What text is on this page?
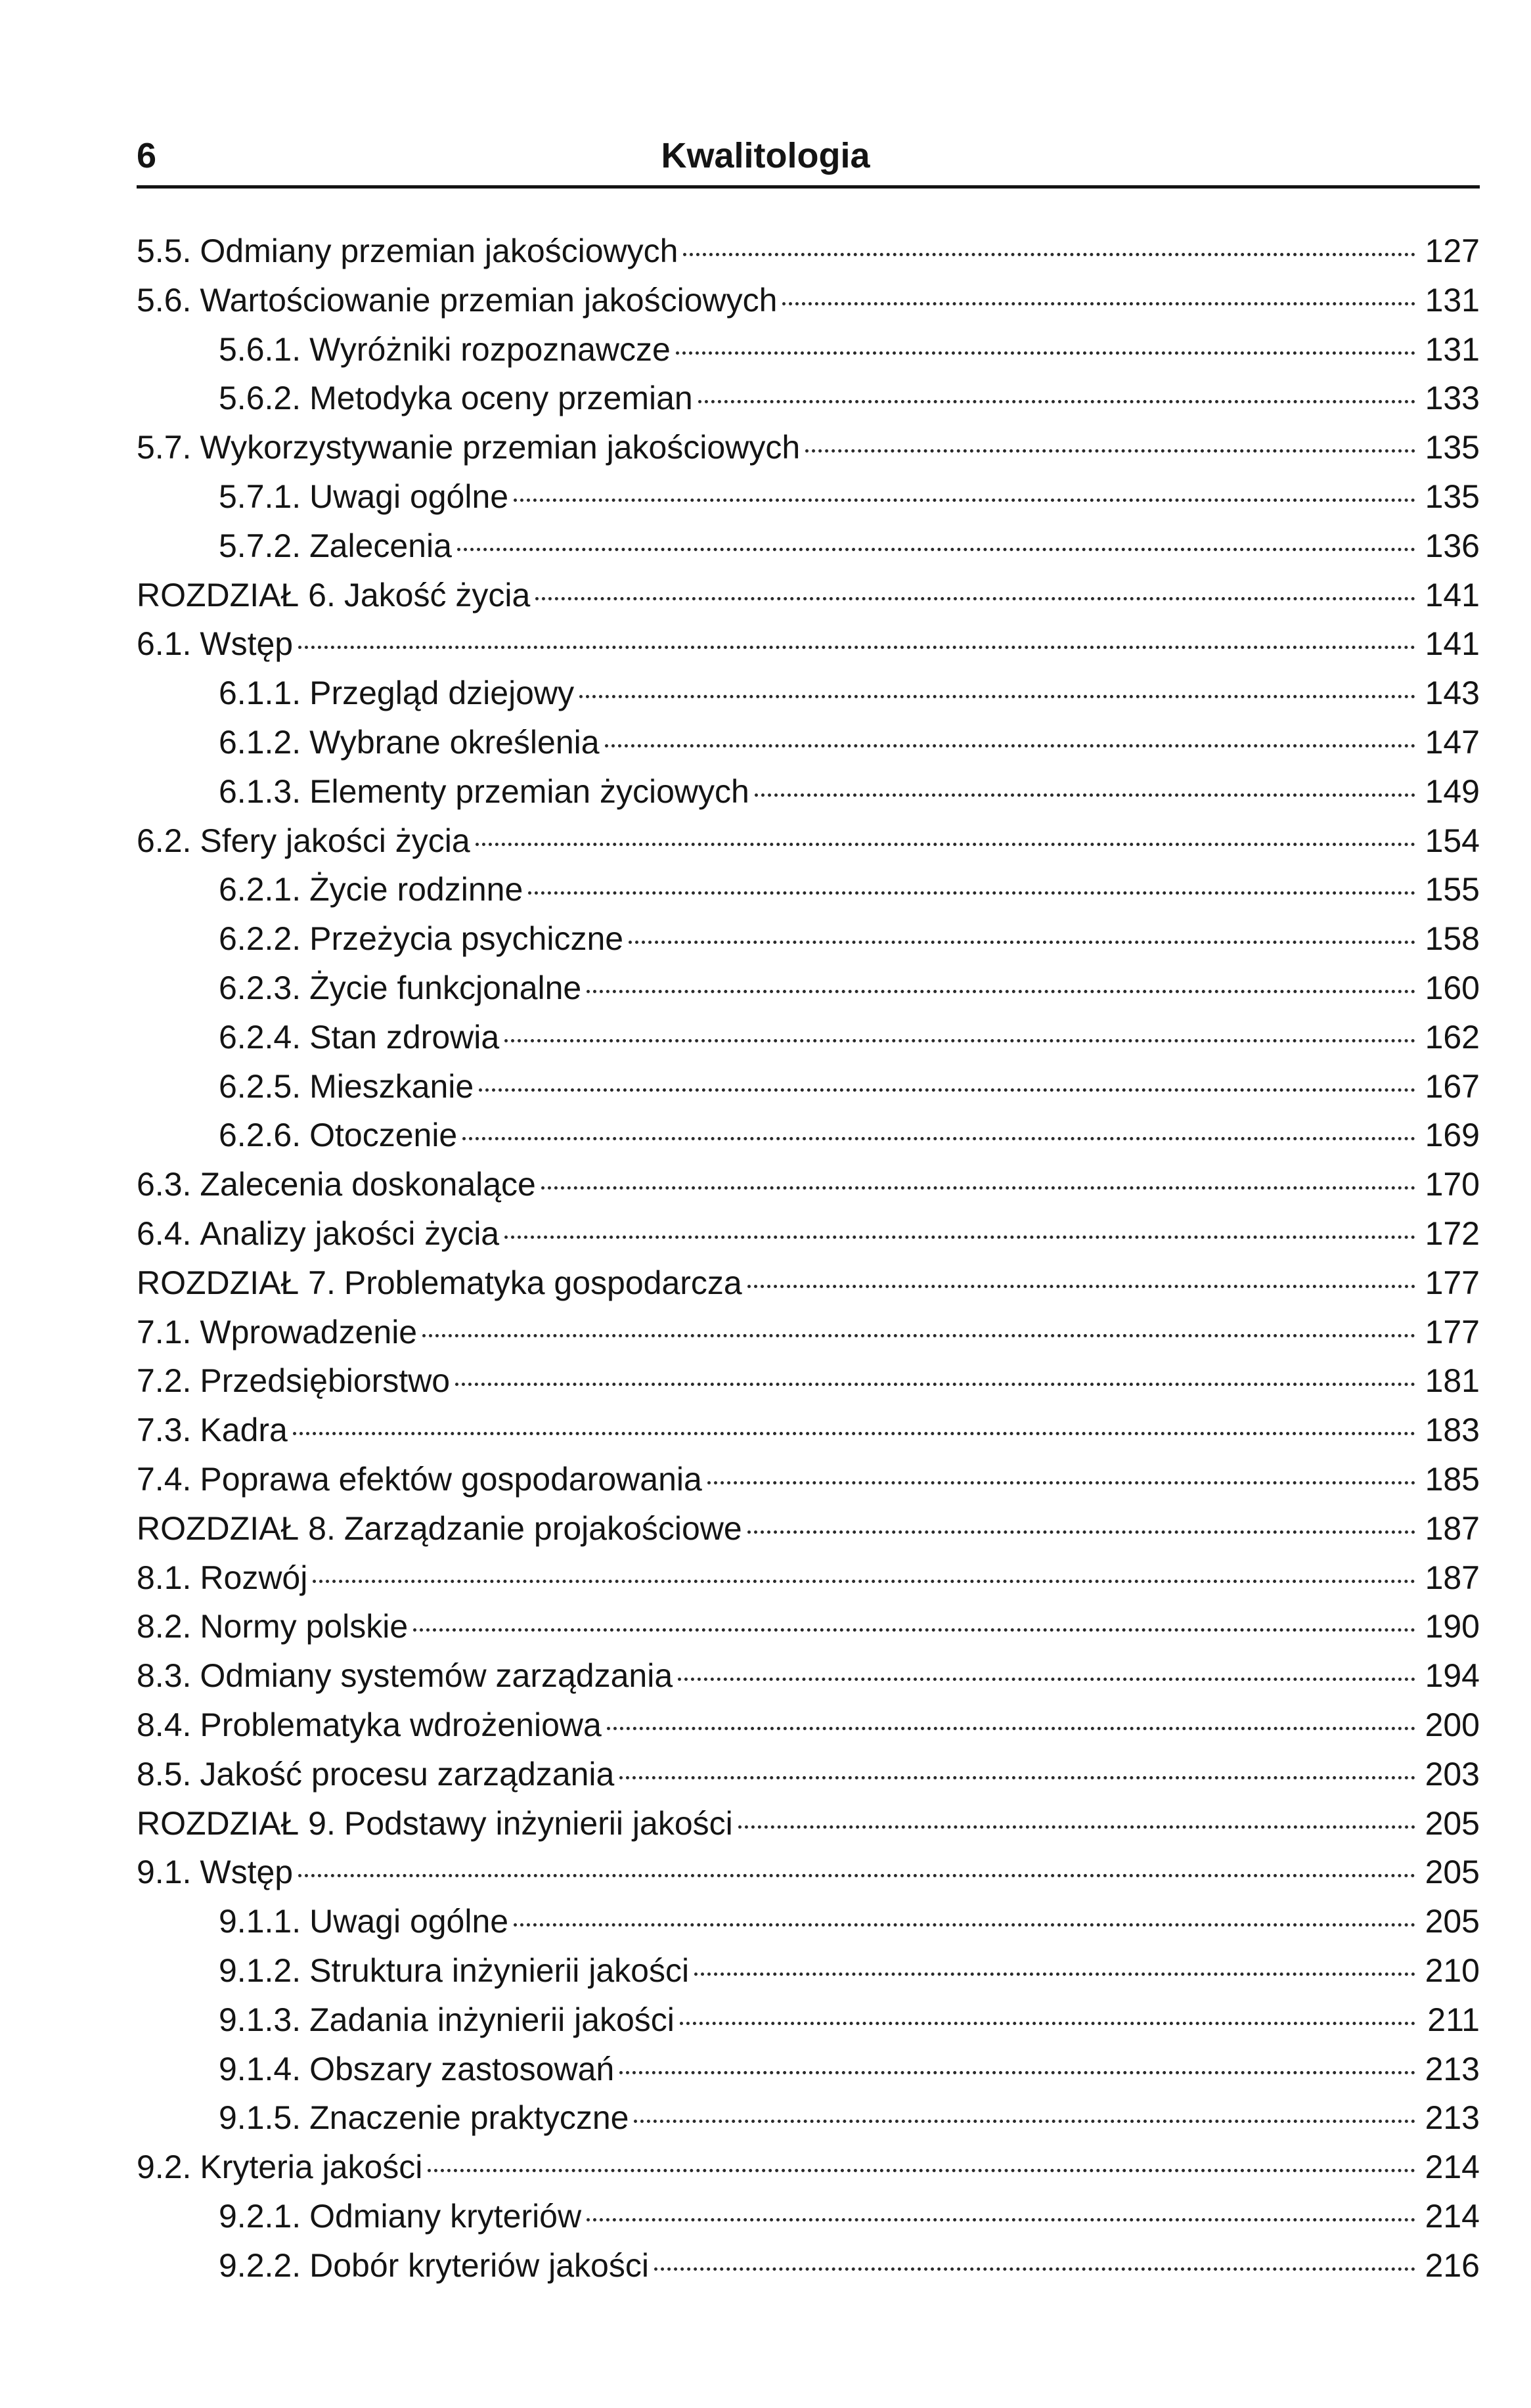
6	Kwalitologia
5.5. Odmiany przemian jakościowych	127
5.6. Wartościowanie przemian jakościowych	131
5.6.1. Wyróżniki rozpoznawcze	131
5.6.2. Metodyka oceny przemian	133
5.7. Wykorzystywanie przemian jakościowych	135
5.7.1. Uwagi ogólne	135
5.7.2. Zalecenia	136
ROZDZIAŁ 6. Jakość życia	141
6.1. Wstęp	141
6.1.1. Przegląd dziejowy	143
6.1.2. Wybrane określenia	147
6.1.3. Elementy przemian życiowych	149
6.2. Sfery jakości życia	154
6.2.1. Życie rodzinne	155
6.2.2. Przeżycia psychiczne	158
6.2.3. Życie funkcjonalne	160
6.2.4. Stan zdrowia	162
6.2.5. Mieszkanie	167
6.2.6. Otoczenie	169
6.3. Zalecenia doskonalące	170
6.4. Analizy jakości życia	172
ROZDZIAŁ 7. Problematyka gospodarcza	177
7.1. Wprowadzenie	177
7.2. Przedsiębiorstwo	181
7.3. Kadra	183
7.4. Poprawa efektów gospodarowania	185
ROZDZIAŁ 8. Zarządzanie projakościowe	187
8.1. Rozwój	187
8.2. Normy polskie	190
8.3. Odmiany systemów zarządzania	194
8.4. Problematyka wdrożeniowa	200
8.5. Jakość procesu zarządzania	203
ROZDZIAŁ 9. Podstawy inżynierii jakości	205
9.1. Wstęp	205
9.1.1. Uwagi ogólne	205
9.1.2. Struktura inżynierii jakości	210
9.1.3. Zadania inżynierii jakości	211
9.1.4. Obszary zastosowań	213
9.1.5. Znaczenie praktyczne	213
9.2. Kryteria jakości	214
9.2.1. Odmiany kryteriów	214
9.2.2. Dobór kryteriów jakości	216
